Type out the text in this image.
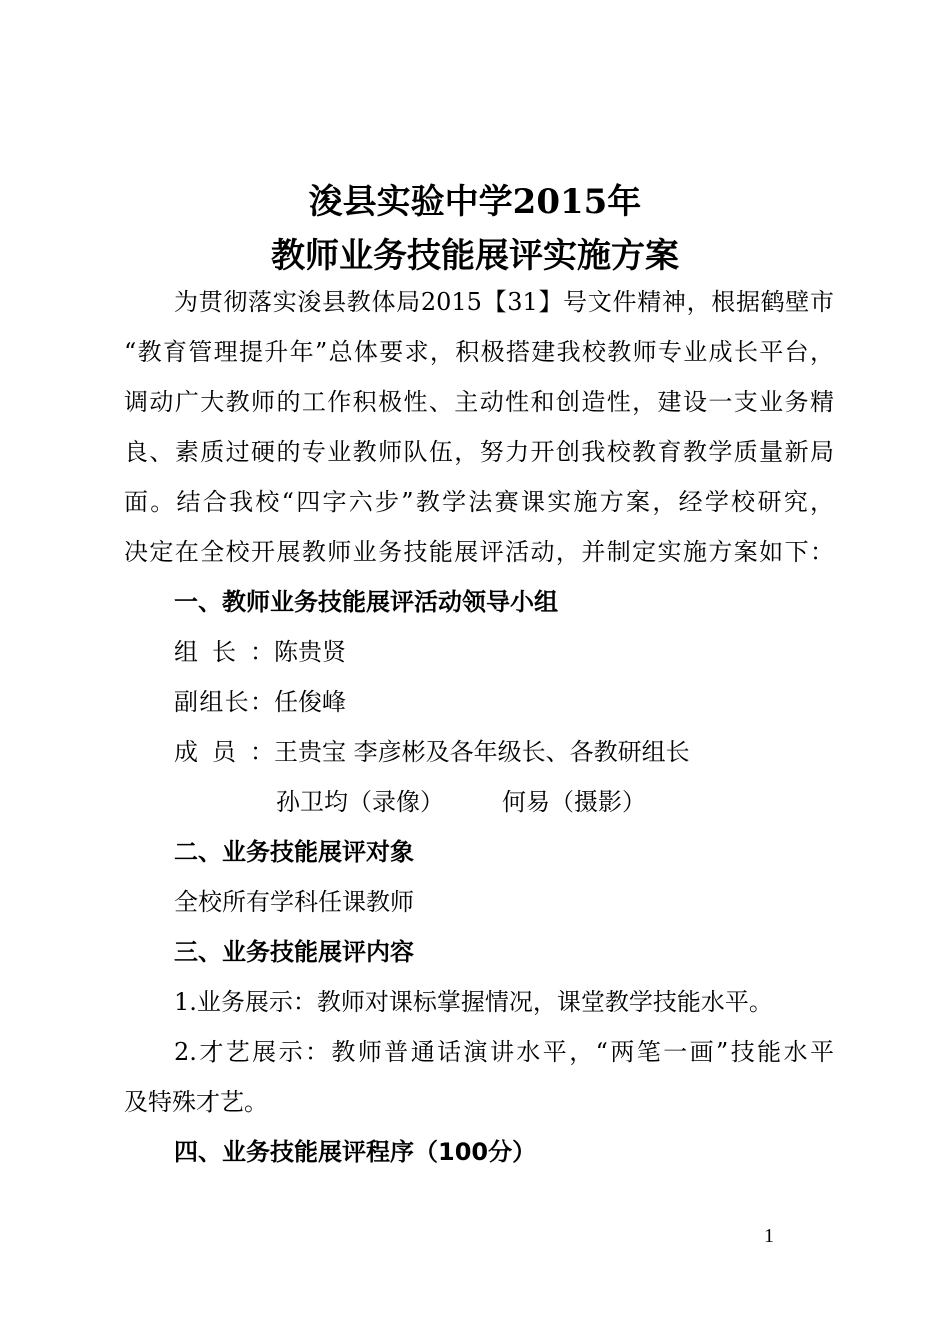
浚县实验中学2015年
教师业务技能展评实施方案
为贯彻落实浚县教体局2015【31】号文件精神，根据鹤壁市
“教育管理提升年”总体要求，积极搭建我校教师专业成长平台，
调动广大教师的工作积极性、主动性和创造性，建设一支业务精
良、素质过硬的专业教师队伍，努力开创我校教育教学质量新局
面。结合我校“四字六步”教学法赛课实施方案，经学校研究，
决定在全校开展教师业务技能展评活动，并制定实施方案如下：
一、教师业务技能展评活动领导小组
组长：陈贵贤
副组长：任俊峰
成员：王贵宝 李彦彬及各年级长、各教研组长
孙卫均（录像） 何易（摄影）
二、业务技能展评对象
全校所有学科任课教师
三、业务技能展评内容
1.业务展示：教师对课标掌握情况，课堂教学技能水平。
2.才艺展示：教师普通话演讲水平，“两笔一画”技能水平
及特殊才艺。
四、业务技能展评程序（100分）
1
